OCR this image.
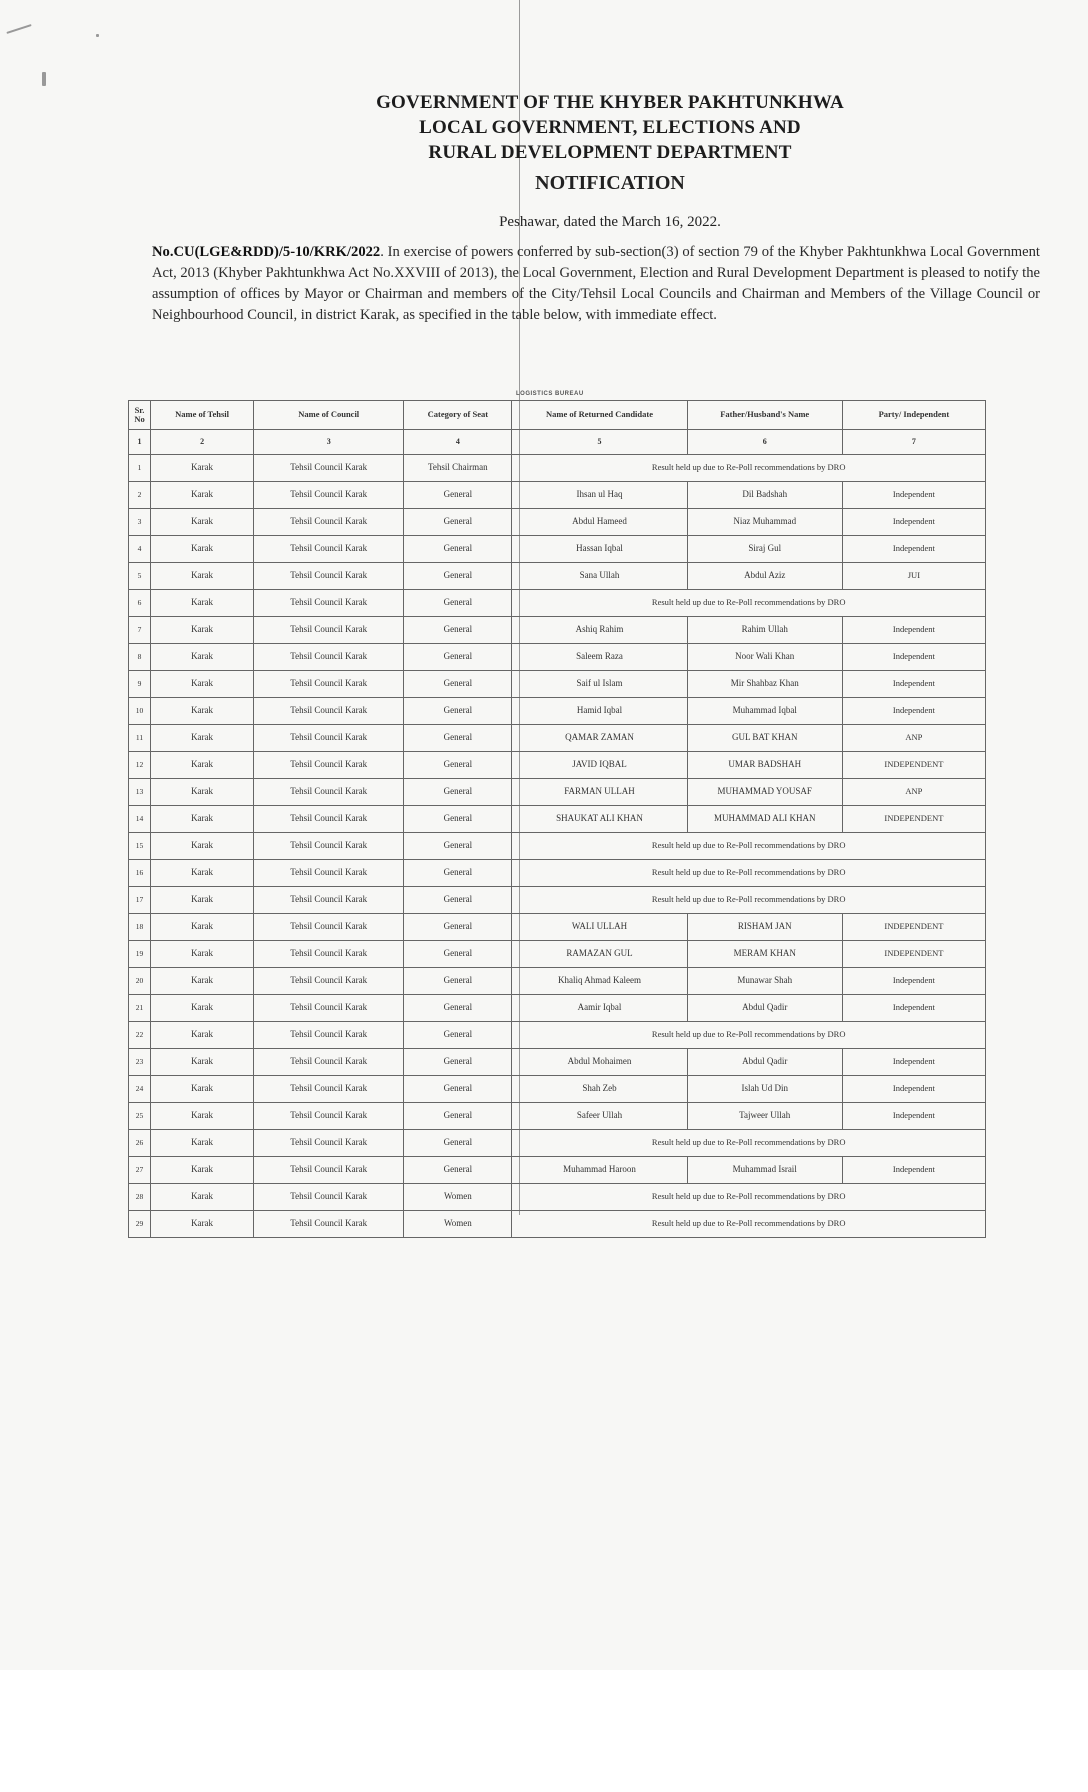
GOVERNMENT OF THE KHYBER PAKHTUNKHWA
LOCAL GOVERNMENT, ELECTIONS AND
RURAL DEVELOPMENT DEPARTMENT
NOTIFICATION
Peshawar, dated the March 16, 2022.
No.CU(LGE&RDD)/5-10/KRK/2022. In exercise of powers conferred by sub-section(3) of section 79 of the Khyber Pakhtunkhwa Local Government Act, 2013 (Khyber Pakhtunkhwa Act No.XXVIII of 2013), the Local Government, Election and Rural Development Department is pleased to notify the assumption of offices by Mayor or Chairman and members of the City/Tehsil Local Councils and Chairman and Members of the Village Council or Neighbourhood Council, in district Karak, as specified in the table below, with immediate effect.
LOGISTICS BUREAU
Sr. No	Name of Tehsil	Name of Council	Category of Seat	Name of Returned Candidate	Father/Husband's Name	Party/ Independent
1	2	3	4	5	6	7
1	Karak	Tehsil Council Karak	Tehsil Chairman	Result held up due to Re-Poll recommendations by DRO		
2	Karak	Tehsil Council Karak	General	Ihsan ul Haq	Dil Badshah	Independent
3	Karak	Tehsil Council Karak	General	Abdul Hameed	Niaz Muhammad	Independent
4	Karak	Tehsil Council Karak	General	Hassan Iqbal	Siraj Gul	Independent
5	Karak	Tehsil Council Karak	General	Sana Ullah	Abdul Aziz	JUI
6	Karak	Tehsil Council Karak	General	Result held up due to Re-Poll recommendations by DRO		
7	Karak	Tehsil Council Karak	General	Ashiq Rahim	Rahim Ullah	Independent
8	Karak	Tehsil Council Karak	General	Saleem Raza	Noor Wali Khan	Independent
9	Karak	Tehsil Council Karak	General	Saif ul Islam	Mir Shahbaz Khan	Independent
10	Karak	Tehsil Council Karak	General	Hamid Iqbal	Muhammad Iqbal	Independent
11	Karak	Tehsil Council Karak	General	QAMAR ZAMAN	GUL BAT KHAN	ANP
12	Karak	Tehsil Council Karak	General	JAVID IQBAL	UMAR BADSHAH	INDEPENDENT
13	Karak	Tehsil Council Karak	General	FARMAN ULLAH	MUHAMMAD YOUSAF	ANP
14	Karak	Tehsil Council Karak	General	SHAUKAT ALI KHAN	MUHAMMAD ALI KHAN	INDEPENDENT
15	Karak	Tehsil Council Karak	General	Result held up due to Re-Poll recommendations by DRO		
16	Karak	Tehsil Council Karak	General	Result held up due to Re-Poll recommendations by DRO		
17	Karak	Tehsil Council Karak	General	Result held up due to Re-Poll recommendations by DRO		
18	Karak	Tehsil Council Karak	General	WALI ULLAH	RISHAM JAN	INDEPENDENT
19	Karak	Tehsil Council Karak	General	RAMAZAN GUL	MERAM KHAN	INDEPENDENT
20	Karak	Tehsil Council Karak	General	Khaliq Ahmad Kaleem	Munawar Shah	Independent
21	Karak	Tehsil Council Karak	General	Aamir Iqbal	Abdul Qadir	Independent
22	Karak	Tehsil Council Karak	General	Result held up due to Re-Poll recommendations by DRO		
23	Karak	Tehsil Council Karak	General	Abdul Mohaimen	Abdul Qadir	Independent
24	Karak	Tehsil Council Karak	General	Shah Zeb	Islah Ud Din	Independent
25	Karak	Tehsil Council Karak	General	Safeer Ullah	Tajweer Ullah	Independent
26	Karak	Tehsil Council Karak	General	Result held up due to Re-Poll recommendations by DRO		
27	Karak	Tehsil Council Karak	General	Muhammad Haroon	Muhammad Israil	Independent
28	Karak	Tehsil Council Karak	Women	Result held up due to Re-Poll recommendations by DRO		
29	Karak	Tehsil Council Karak	Women	Result held up due to Re-Poll recommendations by DRO		
